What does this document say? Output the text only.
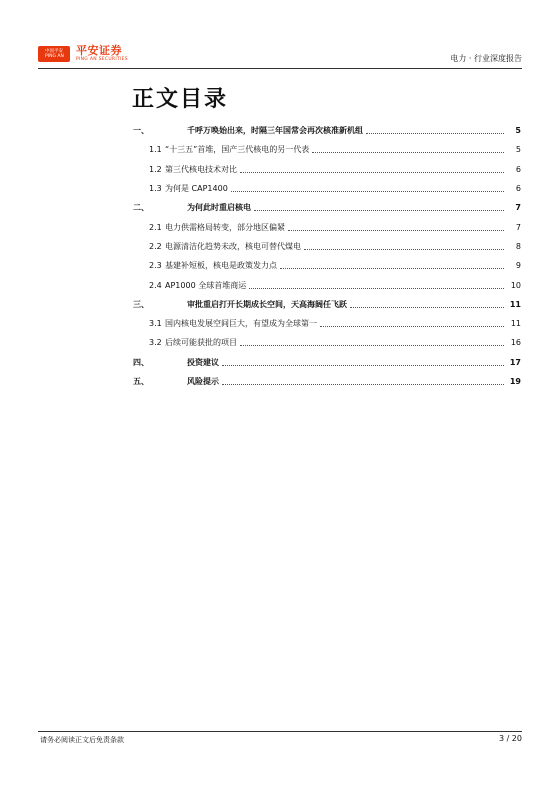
中国平安
PING AN 平安证券
PING AN SECURITIES	电力 · 行业深度报告
正文目录
一、	千呼万唤始出来，时隔三年国常会再次核准新机组	5
1.1 “十三五”首堆，国产三代核电的另一代表	5
1.2 第三代核电技术对比	6
1.3 为何是 CAP1400	6
二、	为何此时重启核电	7
2.1 电力供需格局转变，部分地区偏紧	7
2.2 电源清洁化趋势未改，核电可替代煤电	8
2.3 基建补短板，核电是政策发力点	9
2.4 AP1000 全球首堆商运	10
三、	审批重启打开长期成长空间，天高海阔任飞跃	11
3.1 国内核电发展空间巨大，有望成为全球第一	11
3.2 后续可能获批的项目	16
四、	投资建议	17
五、	风险提示	19
请务必阅读正文后免责条款	3 / 20
